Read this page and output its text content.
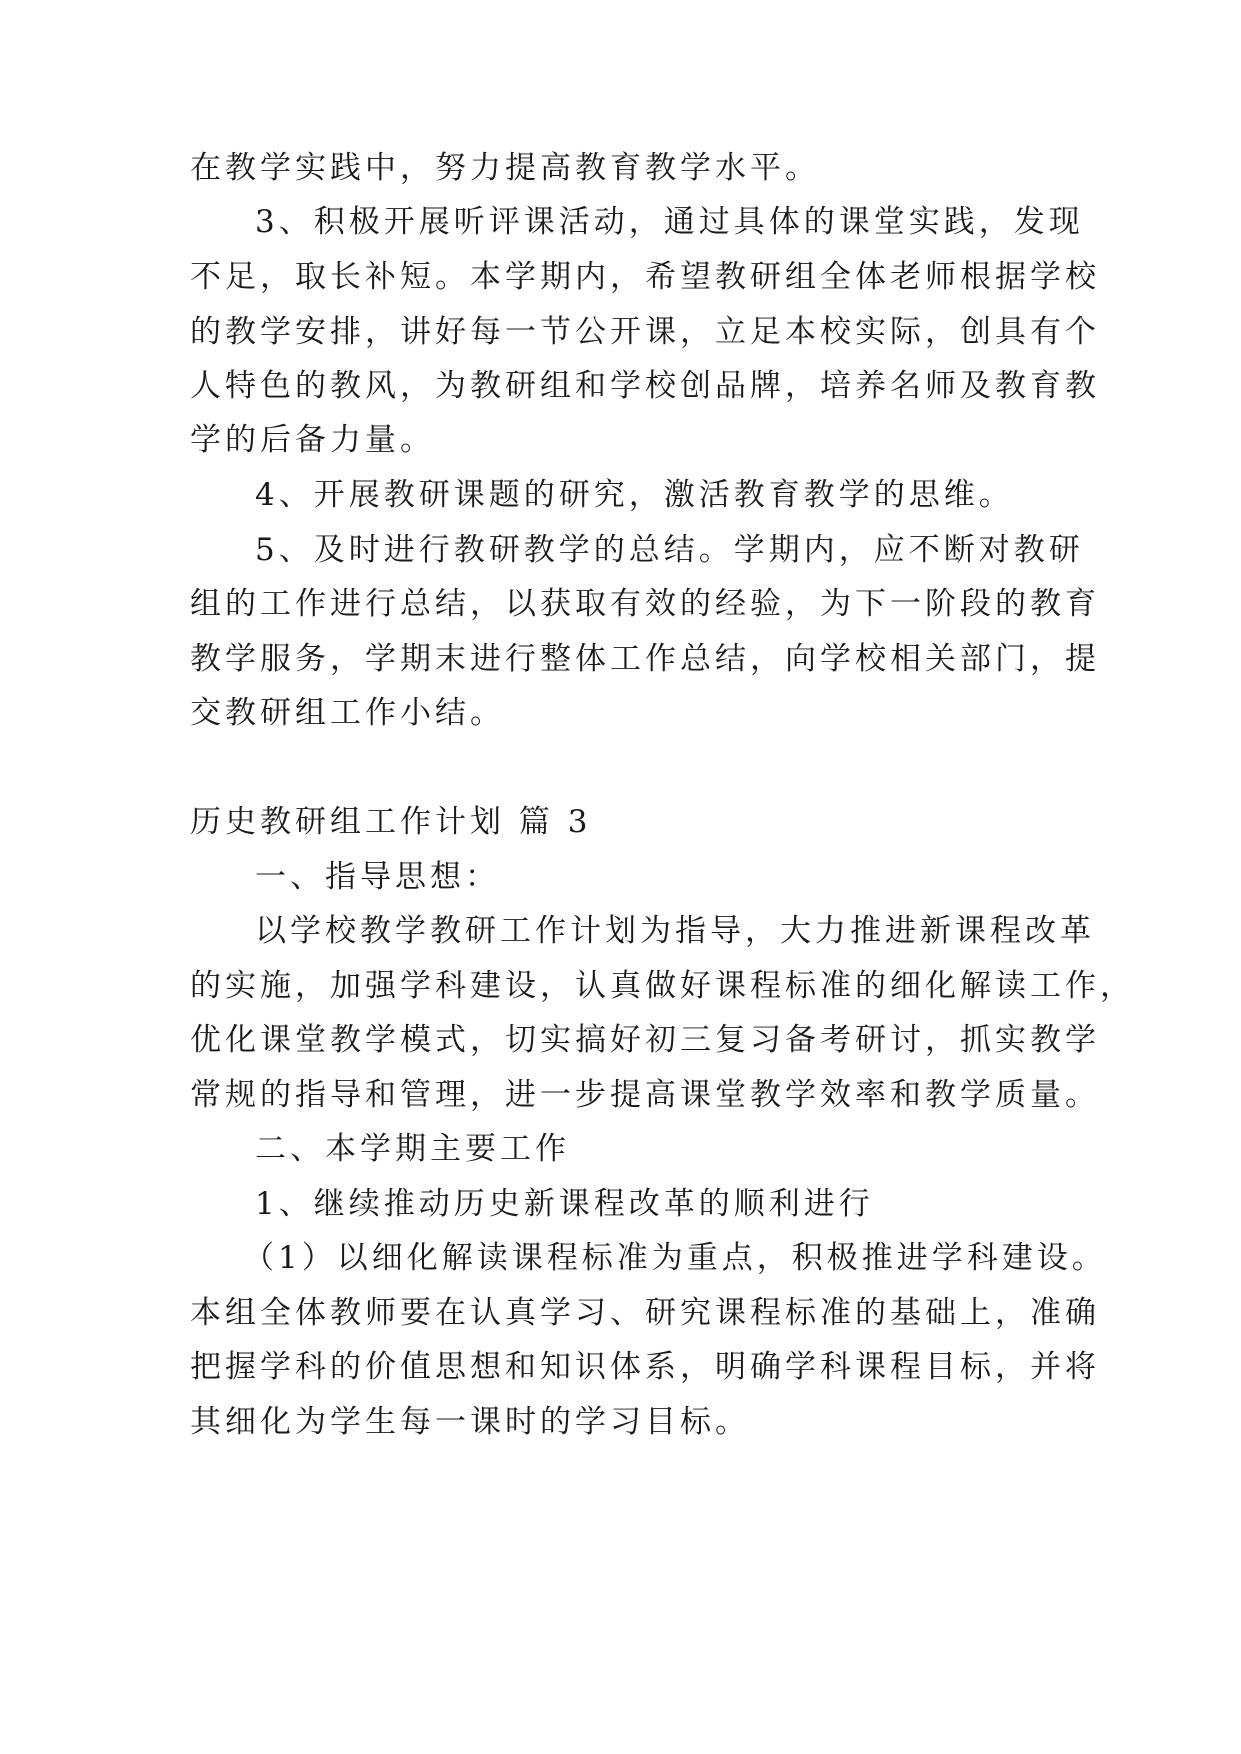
在教学实践中，努力提高教育教学水平。
3、积极开展听评课活动，通过具体的课堂实践，发现
不足，取长补短。本学期内，希望教研组全体老师根据学校
的教学安排，讲好每一节公开课，立足本校实际，创具有个
人特色的教风，为教研组和学校创品牌，培养名师及教育教
学的后备力量。
4、开展教研课题的研究，激活教育教学的思维。
5、及时进行教研教学的总结。学期内，应不断对教研
组的工作进行总结，以获取有效的经验，为下一阶段的教育
教学服务，学期末进行整体工作总结，向学校相关部门，提
交教研组工作小结。
历史教研组工作计划 篇 3
一、指导思想：
以学校教学教研工作计划为指导，大力推进新课程改革
的实施，加强学科建设，认真做好课程标准的细化解读工作，
优化课堂教学模式，切实搞好初三复习备考研讨，抓实教学
常规的指导和管理，进一步提高课堂教学效率和教学质量。
二、本学期主要工作
1、继续推动历史新课程改革的顺利进行
（1）以细化解读课程标准为重点，积极推进学科建设。
本组全体教师要在认真学习、研究课程标准的基础上，准确
把握学科的价值思想和知识体系，明确学科课程目标，并将
其细化为学生每一课时的学习目标。
